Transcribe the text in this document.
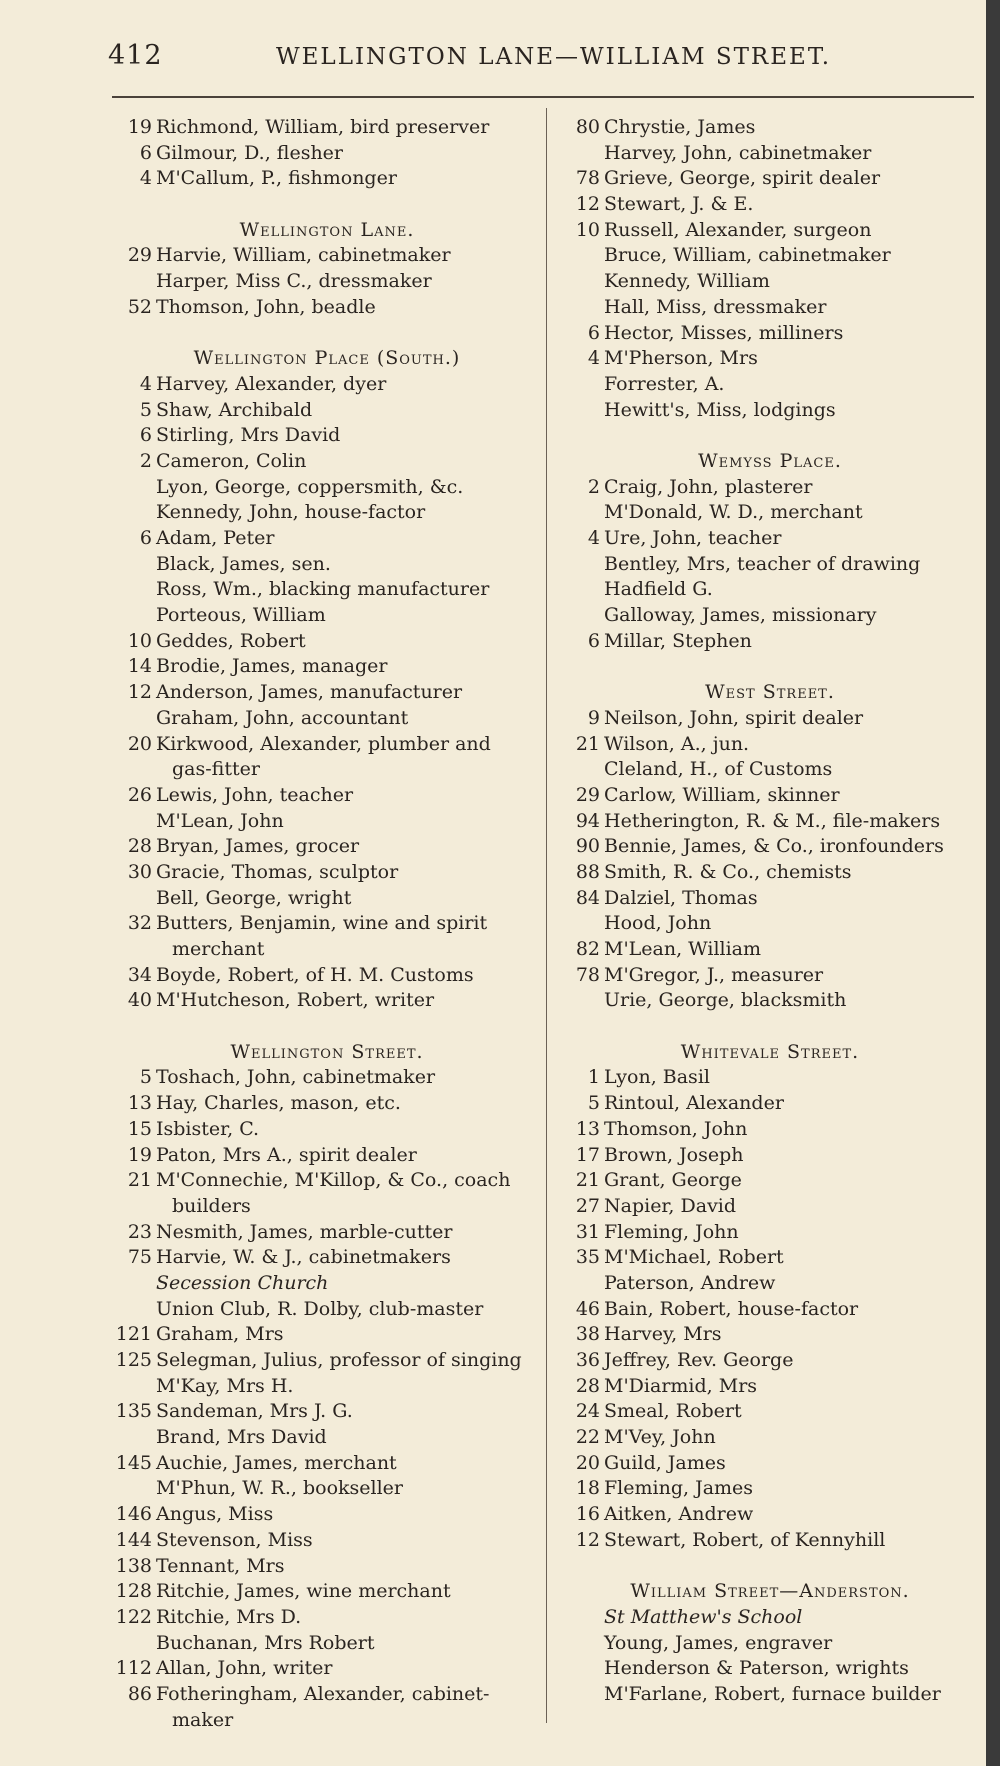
412	WELLINGTON LANE—WILLIAM STREET.
19 Richmond, William, bird preserver
6 Gilmour, D., flesher
4 M'Callum, P., fishmonger
Wellington Lane.
29 Harvie, William, cabinetmaker
Harper, Miss C., dressmaker
52 Thomson, John, beadle
Wellington Place (South.)
4 Harvey, Alexander, dyer
5 Shaw, Archibald
6 Stirling, Mrs David
2 Cameron, Colin
Lyon, George, coppersmith, &c.
Kennedy, John, house-factor
6 Adam, Peter
Black, James, sen.
Ross, Wm., blacking manufacturer
Porteous, William
10 Geddes, Robert
14 Brodie, James, manager
12 Anderson, James, manufacturer
Graham, John, accountant
20 Kirkwood, Alexander, plumber and
gas-fitter
26 Lewis, John, teacher
M'Lean, John
28 Bryan, James, grocer
30 Gracie, Thomas, sculptor
Bell, George, wright
32 Butters, Benjamin, wine and spirit
merchant
34 Boyde, Robert, of H. M. Customs
40 M'Hutcheson, Robert, writer
Wellington Street.
5 Toshach, John, cabinetmaker
13 Hay, Charles, mason, etc.
15 Isbister, C.
19 Paton, Mrs A., spirit dealer
21 M'Connechie, M'Killop, & Co., coach
builders
23 Nesmith, James, marble-cutter
75 Harvie, W. & J., cabinetmakers
Secession Church
Union Club, R. Dolby, club-master
121 Graham, Mrs
125 Selegman, Julius, professor of singing
M'Kay, Mrs H.
135 Sandeman, Mrs J. G.
Brand, Mrs David
145 Auchie, James, merchant
M'Phun, W. R., bookseller
146 Angus, Miss
144 Stevenson, Miss
138 Tennant, Mrs
128 Ritchie, James, wine merchant
122 Ritchie, Mrs D.
Buchanan, Mrs Robert
112 Allan, John, writer
86 Fotheringham, Alexander, cabinet-
maker
80 Chrystie, James
Harvey, John, cabinetmaker
78 Grieve, George, spirit dealer
12 Stewart, J. & E.
10 Russell, Alexander, surgeon
Bruce, William, cabinetmaker
Kennedy, William
Hall, Miss, dressmaker
6 Hector, Misses, milliners
4 M'Pherson, Mrs
Forrester, A.
Hewitt's, Miss, lodgings
Wemyss Place.
2 Craig, John, plasterer
M'Donald, W. D., merchant
4 Ure, John, teacher
Bentley, Mrs, teacher of drawing
Hadfield G.
Galloway, James, missionary
6 Millar, Stephen
West Street.
9 Neilson, John, spirit dealer
21 Wilson, A., jun.
Cleland, H., of Customs
29 Carlow, William, skinner
94 Hetherington, R. & M., file-makers
90 Bennie, James, & Co., ironfounders
88 Smith, R. & Co., chemists
84 Dalziel, Thomas
Hood, John
82 M'Lean, William
78 M'Gregor, J., measurer
Urie, George, blacksmith
Whitevale Street.
1 Lyon, Basil
5 Rintoul, Alexander
13 Thomson, John
17 Brown, Joseph
21 Grant, George
27 Napier, David
31 Fleming, John
35 M'Michael, Robert
Paterson, Andrew
46 Bain, Robert, house-factor
38 Harvey, Mrs
36 Jeffrey, Rev. George
28 M'Diarmid, Mrs
24 Smeal, Robert
22 M'Vey, John
20 Guild, James
18 Fleming, James
16 Aitken, Andrew
12 Stewart, Robert, of Kennyhill
William Street—Anderston.
St Matthew's School
Young, James, engraver
Henderson & Paterson, wrights
M'Farlane, Robert, furnace builder
